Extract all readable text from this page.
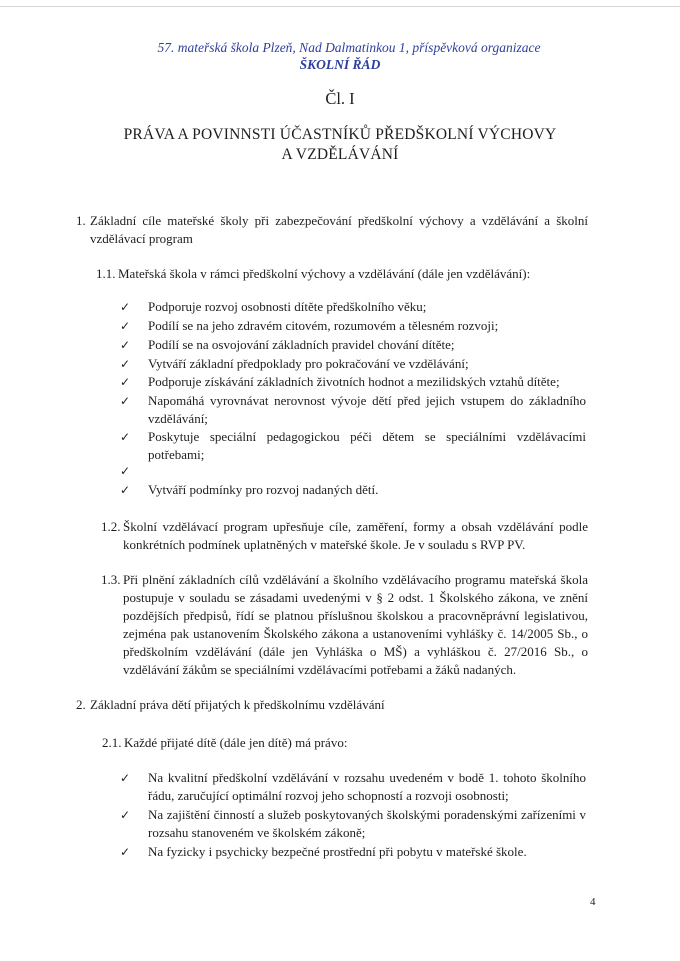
57. mateřská škola Plzeň, Nad Dalmatinkou 1, příspěvková organizace
ŠKOLNÍ ŘÁD
Čl. I
PRÁVA A POVINNSTI ÚČASTNÍKŮ PŘEDŠKOLNÍ VÝCHOVY
A VZDĚLÁVÁNÍ
1. Základní cíle mateřské školy při zabezpečování předškolní výchovy a vzdělávání a školní vzdělávací program
1.1. Mateřská škola v rámci předškolní výchovy a vzdělávání (dále jen vzdělávání):
✓ Podporuje rozvoj osobnosti dítěte předškolního věku;
✓ Podílí se na jeho zdravém citovém, rozumovém a tělesném rozvoji;
✓ Podílí se na osvojování základních pravidel chování dítěte;
✓ Vytváří základní předpoklady pro pokračování ve vzdělávání;
✓ Podporuje získávání základních životních hodnot a mezilidských vztahů dítěte;
✓ Napomáhá vyrovnávat nerovnost vývoje dětí před jejich vstupem do základního vzdělávání;
✓ Poskytuje speciální pedagogickou péči dětem se speciálními vzdělávacími potřebami;
✓
✓ Vytváří podmínky pro rozvoj nadaných dětí.
1.2. Školní vzdělávací program upřesňuje cíle, zaměření, formy a obsah vzdělávání podle konkrétních podmínek uplatněných v mateřské škole. Je v souladu s RVP PV.
1.3. Při plnění základních cílů vzdělávání a školního vzdělávacího programu mateřská škola postupuje v souladu se zásadami uvedenými v § 2 odst. 1 Školského zákona, ve znění pozdějších předpisů, řídí se platnou příslušnou školskou a pracovněprávní legislativou, zejména pak ustanovením Školského zákona a ustanoveními vyhlášky č. 14/2005 Sb., o předškolním vzdělávání (dále jen Vyhláška o MŠ) a vyhláškou č. 27/2016 Sb., o vzdělávání žákům se speciálními vzdělávacími potřebami a žáků nadaných.
2. Základní práva dětí přijatých k předškolnímu vzdělávání
2.1. Každé přijaté dítě (dále jen dítě) má právo:
✓ Na kvalitní předškolní vzdělávání v rozsahu uvedeném v bodě 1. tohoto školního řádu, zaručující optimální rozvoj jeho schopností a rozvoji osobnosti;
✓ Na zajištění činností a služeb poskytovaných školskými poradenskými zařízeními v rozsahu stanoveném ve školském zákoně;
✓ Na fyzicky i psychicky bezpečné prostřední při pobytu v mateřské škole.
4
